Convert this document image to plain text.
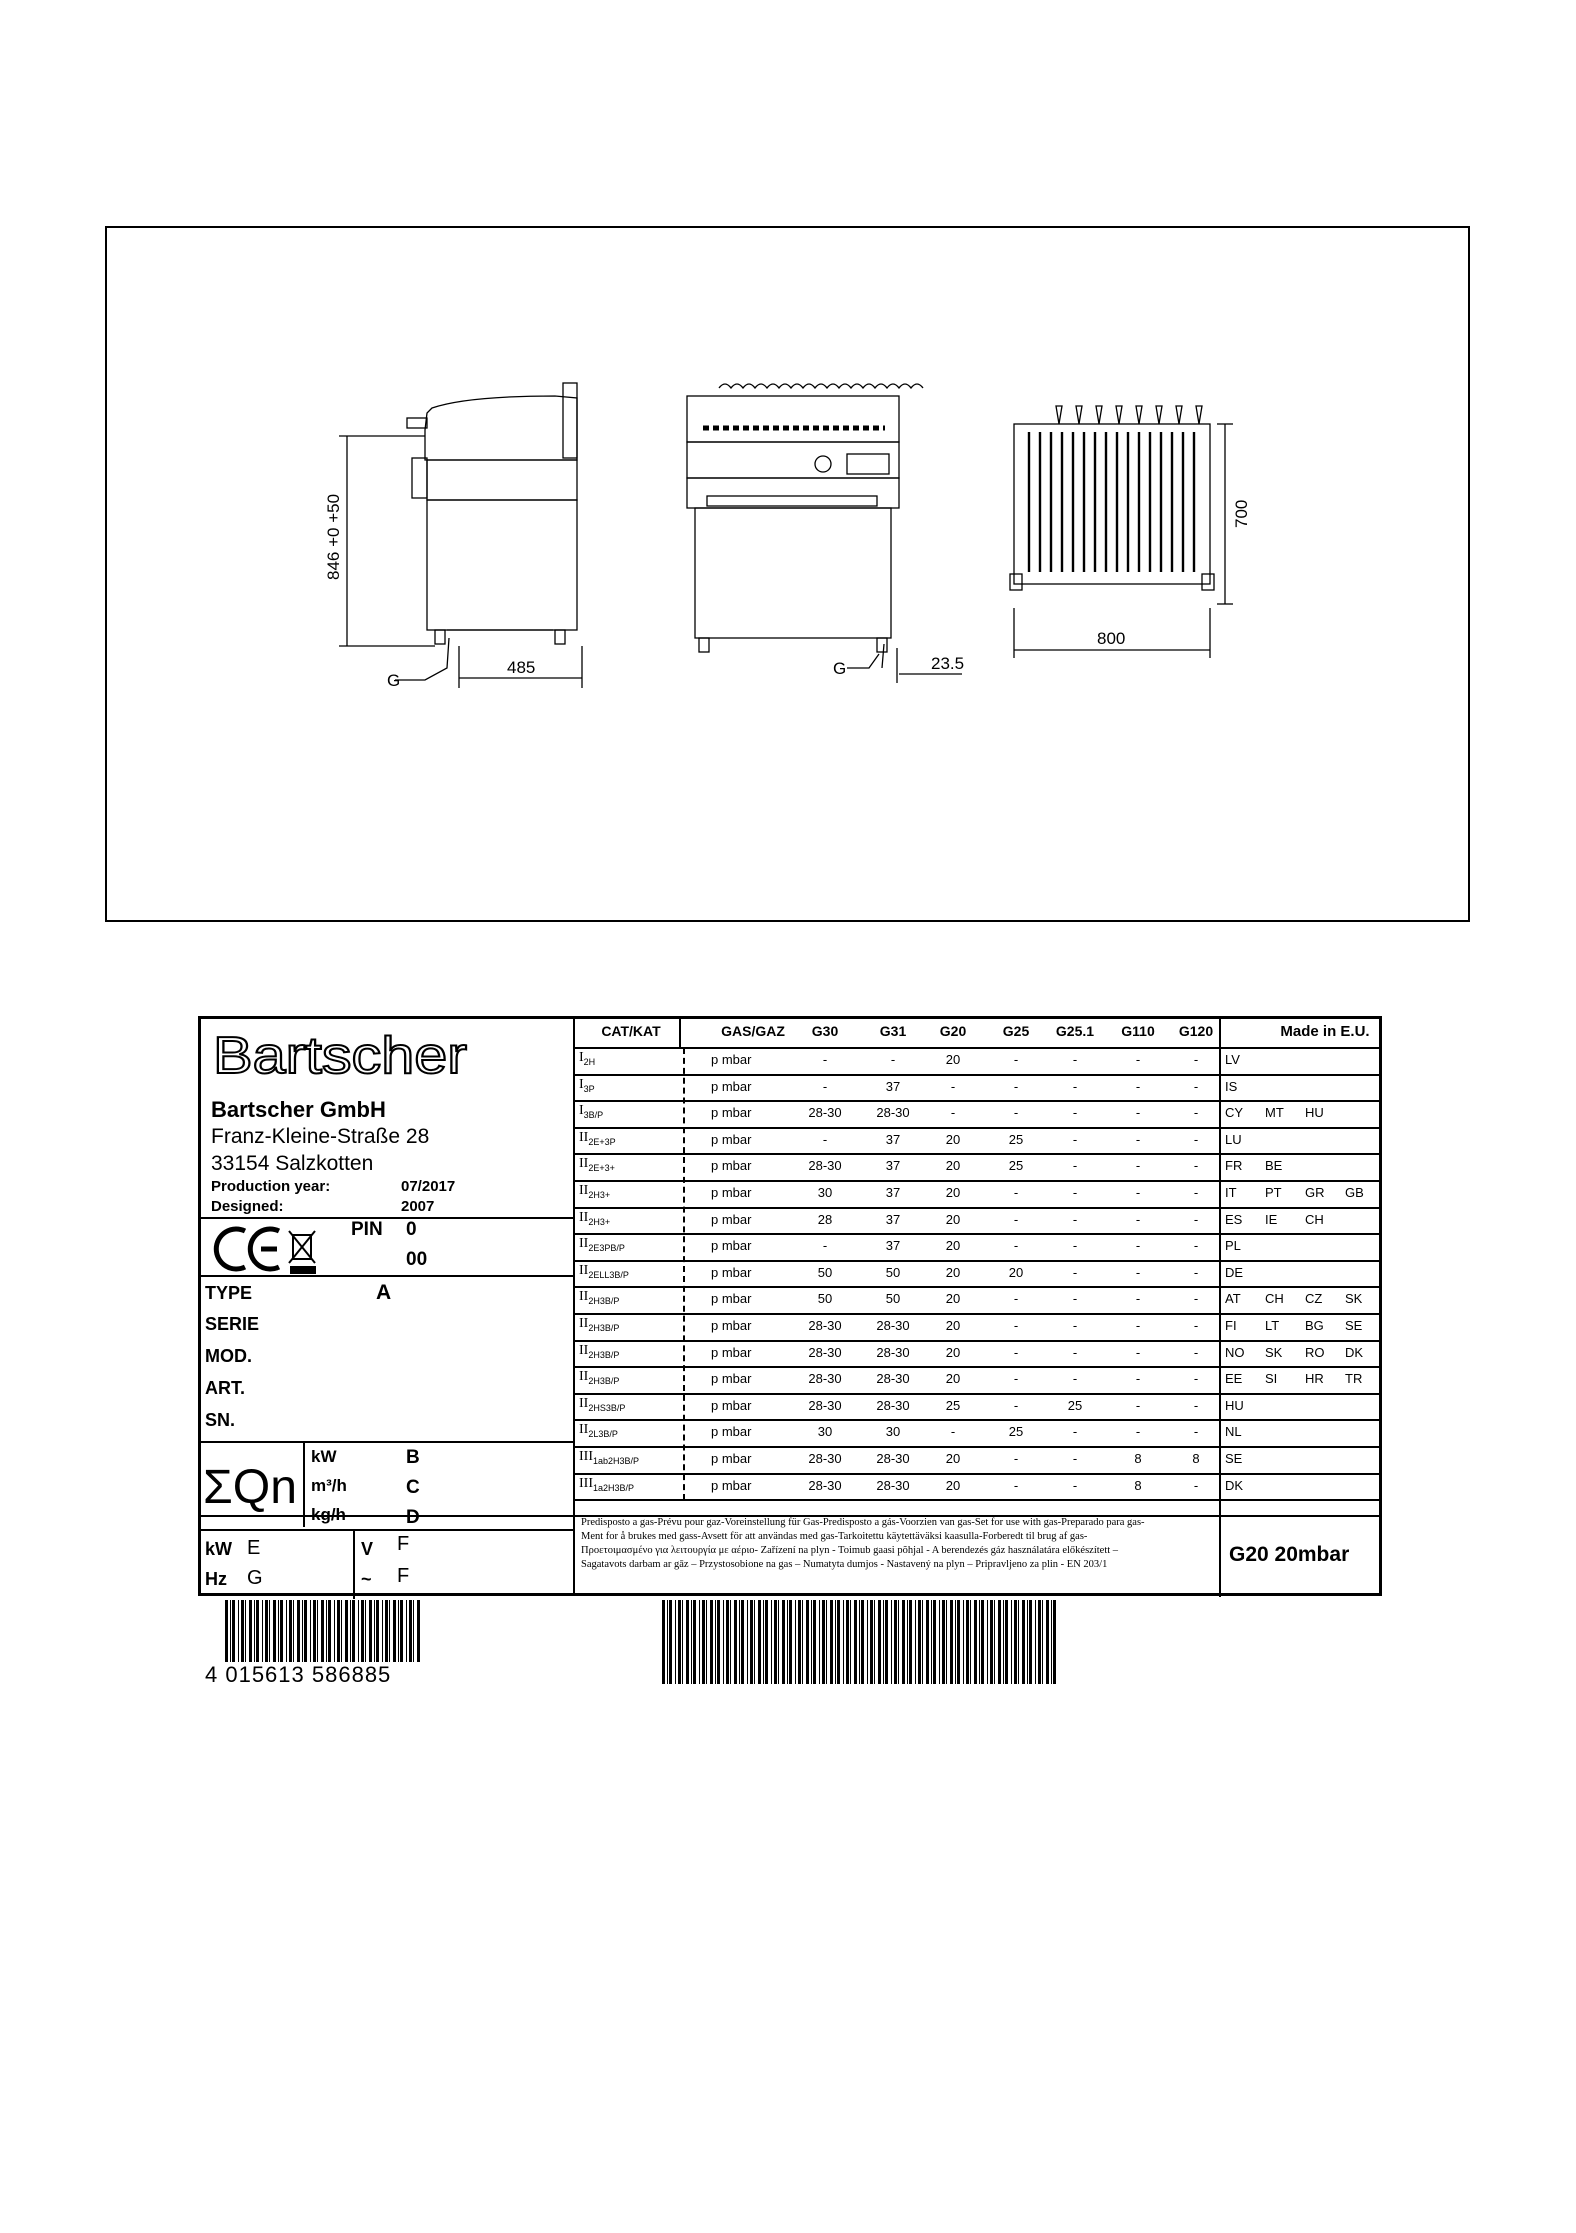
846 +0 +50
485
G
G	23.5
700
800
Bartscher
Bartscher GmbH
Franz-Kleine-Straße 28
33154 Salzkotten
Production year:	07/2017
Designed:	2007
PIN 0
00
TYPE	A
SERIE
MOD.
ART.
SN.
ΣQn
kW	B
m³/h	C
kg/h	D
kW E
Hz G
V F
~ F
Made in E.U.
Predisposto a gas-Prévu pour gaz-Voreinstellung für Gas-Predisposto a gás-Voorzien van gas-Set for use with gas-Preparado para gas-
Ment for å brukes med gass-Avsett för att användas med gas-Tarkoitettu käytettäväksi kaasulla-Forberedt til brug af gas-
Προετοιμασμένο για λειτουργία με αέριο- Zařízení na plyn - Toimub gaasi põhjal - A berendezés gáz használatára előkészített –
Sagatavots darbam ar gāz – Przystosobione na gas – Numatyta dumjos - Nastavený na plyn – Pripravljeno za plin - EN 203/1	G20 20mbar
CAT/KAT	GAS/GAZ	G30	G31	G20	G25	G25.1	G110	G120
$I_{2H}$	p mbar	-	-	20	-	-	-	-	LV
$I_{3P}$	p mbar	-	37	-	-	-	-	-	IS
$I_{3B/P}$	p mbar	28-30	28-30	-	-	-	-	-	CY MT HU
$II_{2E+3P}$	p mbar	-	37	20	25	-	-	-	LU
$II_{2E+3+}$	p mbar	28-30	37	20	25	-	-	-	FR BE
$II_{2H3+}$	p mbar	30	37	20	-	-	-	-	IT PT GR GB
$II_{2H3+}$	p mbar	28	37	20	-	-	-	-	ES IE CH
$II_{2E3PB/P}$	p mbar	-	37	20	-	-	-	-	PL
$II_{2ELL3B/P}$	p mbar	50	50	20	20	-	-	-	DE
$II_{2H3B/P}$	p mbar	50	50	20	-	-	-	-	AT CH CZ SK
$II_{2H3B/P}$	p mbar	28-30	28-30	20	-	-	-	-	FI LT BG SE
$II_{2H3B/P}$	p mbar	28-30	28-30	20	-	-	-	-	NO SK RO DK
$II_{2H3B/P}$	p mbar	28-30	28-30	20	-	-	-	-	EE SI HR TR
$II_{2HS3B/P}$	p mbar	28-30	28-30	25	-	25	-	-	HU
$II_{2L3B/P}$	p mbar	30	30	-	25	-	-	-	NL
$III_{1ab2H3B/P}$	p mbar	28-30	28-30	20	-	-	8	8	SE
$III_{1a2H3B/P}$	p mbar	28-30	28-30	20	-	-	8	-	DK
4 015613 586885
